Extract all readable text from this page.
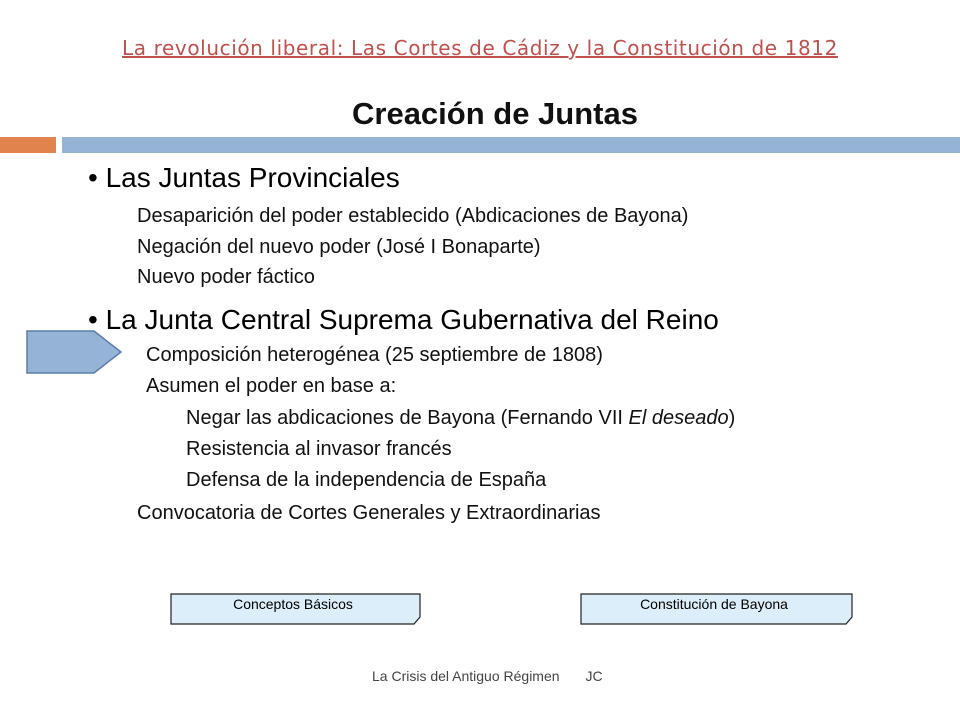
La revolución liberal: Las Cortes de Cádiz y la Constitución de 1812
Creación de Juntas
• Las Juntas Provinciales
Desaparición del poder establecido (Abdicaciones de Bayona)
Negación del nuevo poder (José I Bonaparte)
Nuevo poder fáctico
• La Junta Central Suprema Gubernativa del Reino
Composición heterogénea (25 septiembre de 1808)
Asumen el poder en base a:
Negar las abdicaciones de Bayona (Fernando VII El deseado)
Resistencia al invasor francés
Defensa de la independencia de España
Convocatoria de Cortes Generales y Extraordinarias
Conceptos Básicos	Constitución de Bayona
La Crisis del Antiguo Régimen JC
